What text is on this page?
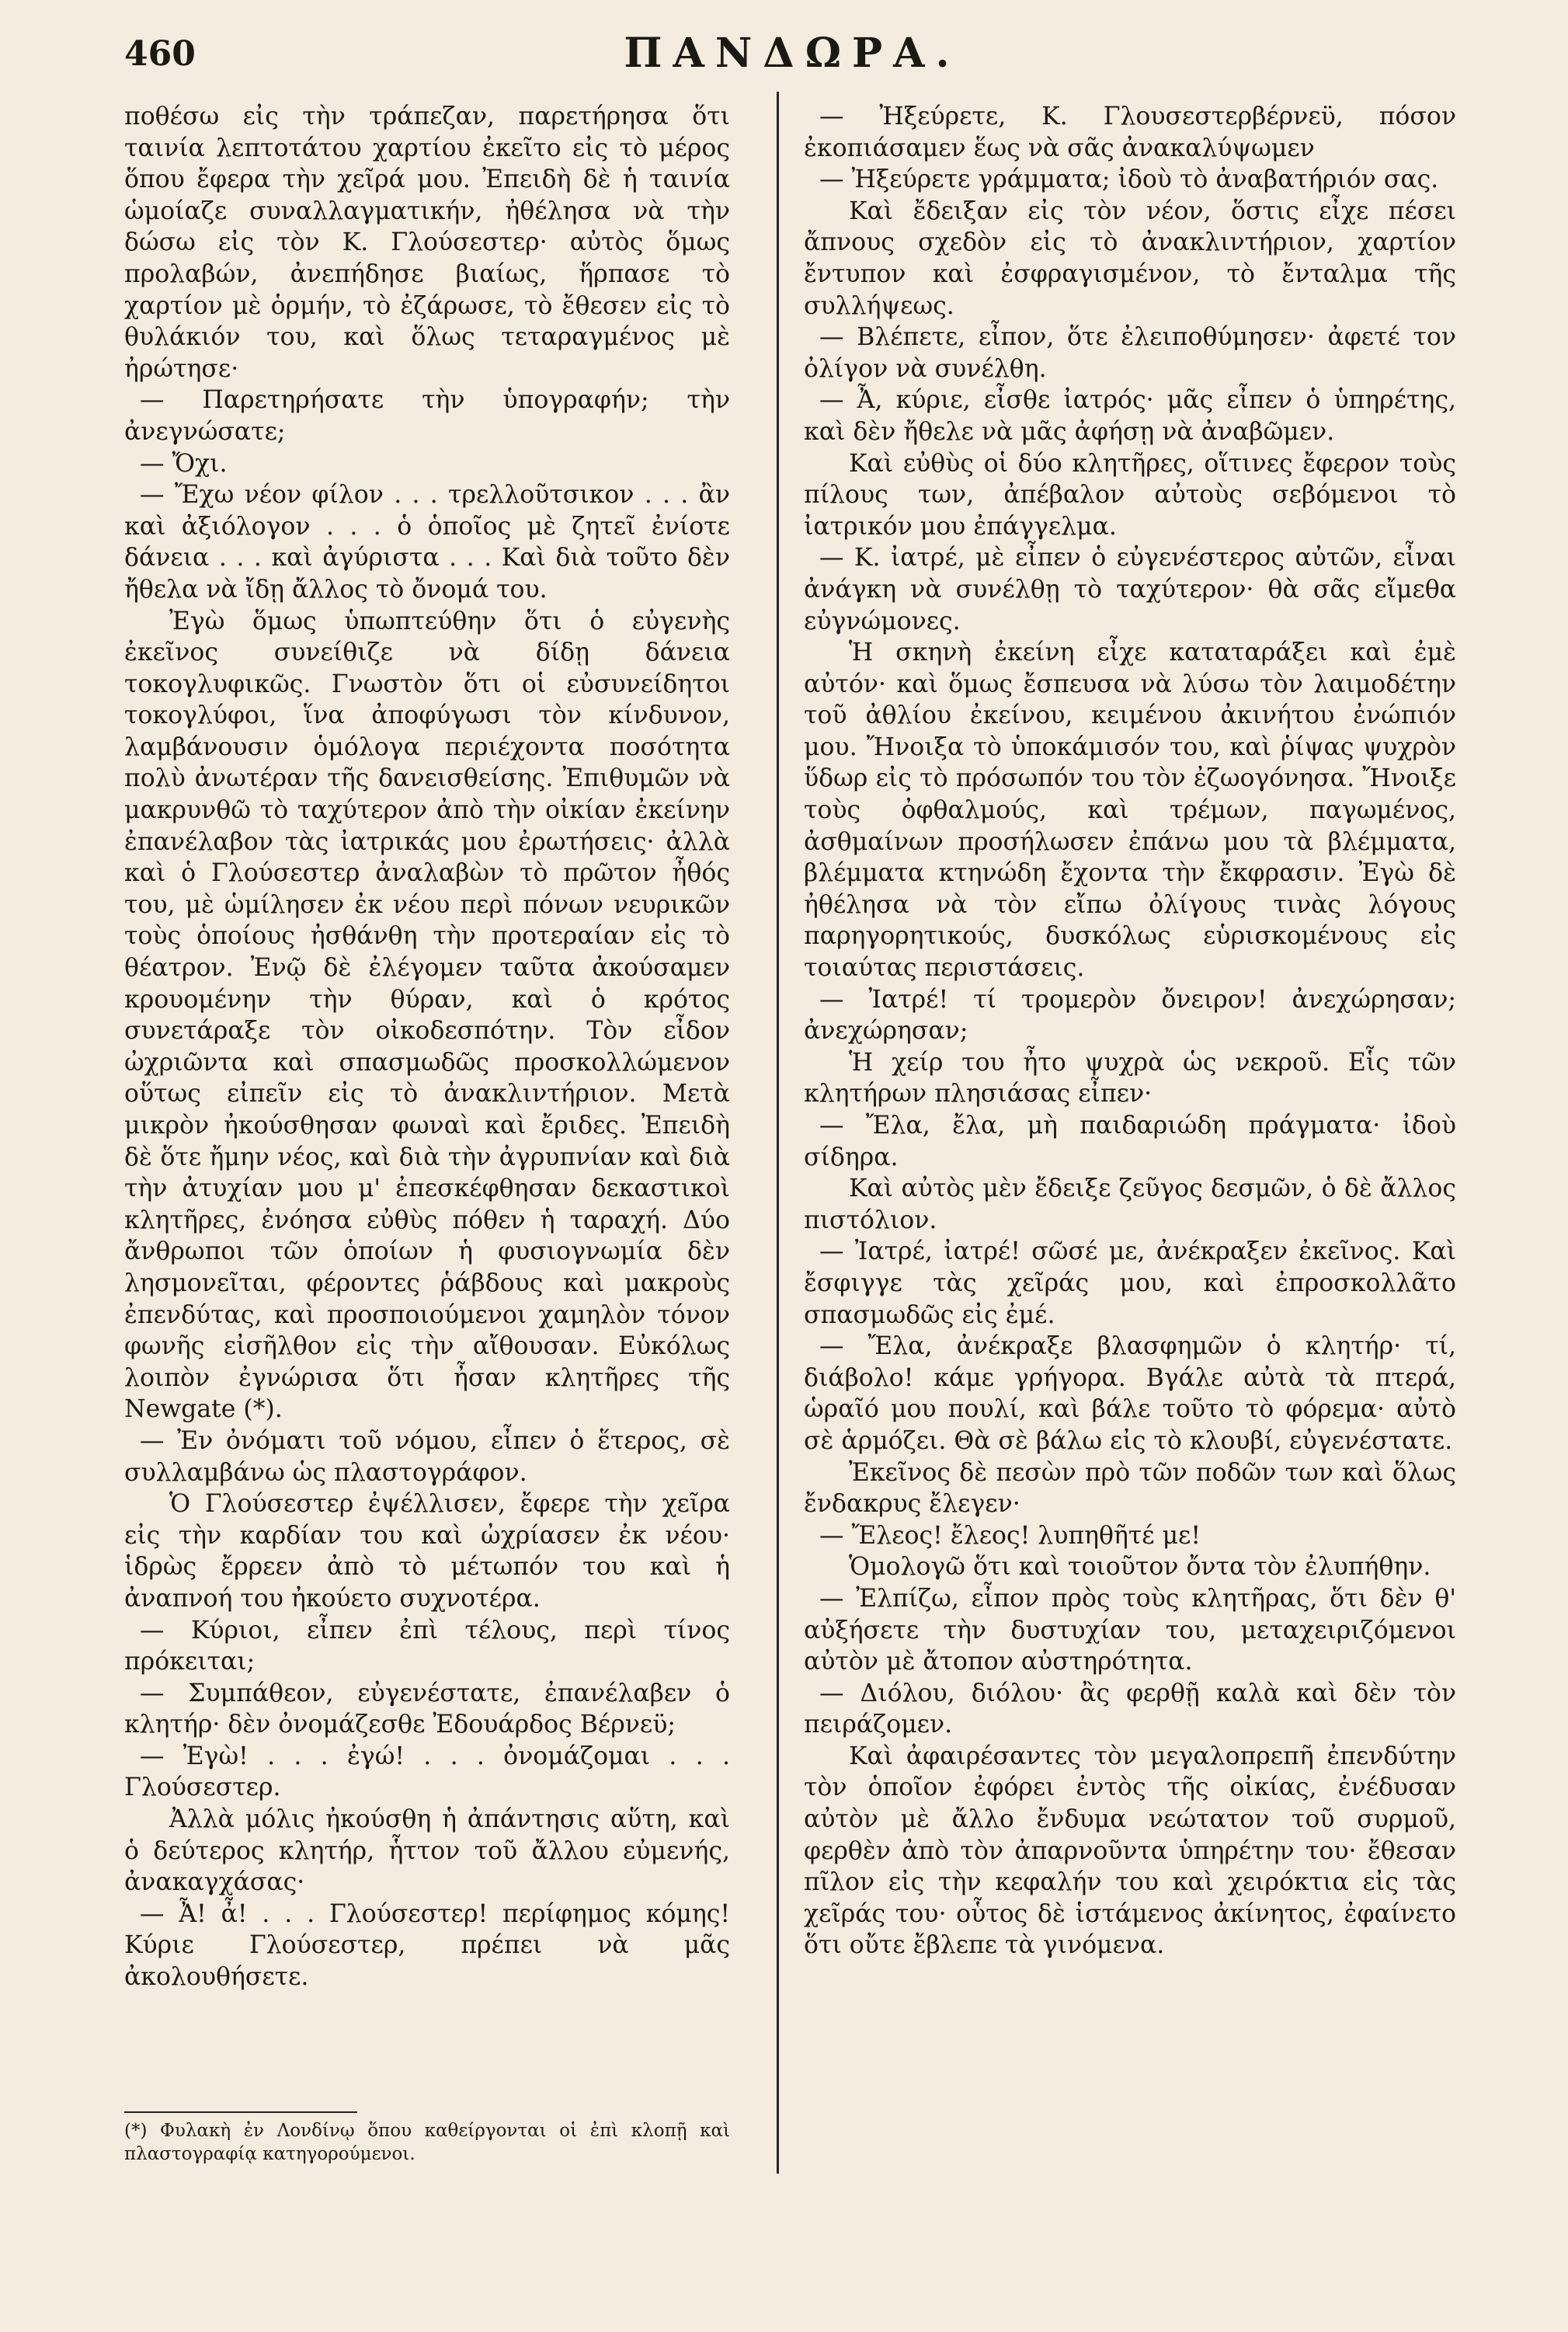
460	ΠΑΝΔΩΡΑ.

ποθέσω εἰς τὴν τράπεζαν, παρετήρησα ὅτι ταινία λεπτοτάτου χαρτίου ἐκεῖτο εἰς τὸ μέρος ὅπου ἔφερα τὴν χεῖρά μου. Ἐπειδὴ δὲ ἡ ταινία ὡμοίαζε συναλλαγματικήν, ἠθέλησα νὰ τὴν δώσω εἰς τὸν Κ. Γλούσεστερ· αὐτὸς ὅμως προλαβών, ἀνεπήδησε βιαίως, ἥρπασε τὸ χαρτίον μὲ ὁρμήν, τὸ ἐζάρωσε, τὸ ἔθεσεν εἰς τὸ θυλάκιόν του, καὶ ὅλως τεταραγμένος μὲ ἠρώτησε·

— Παρετηρήσατε τὴν ὑπογραφήν; τὴν ἀνεγνώσατε;

— Ὄχι.

— Ἔχω νέον φίλον . . . τρελλοῦτσικον . . . ἂν καὶ ἀξιόλογον . . . ὁ ὁποῖος μὲ ζητεῖ ἐνίοτε δάνεια . . . καὶ ἀγύριστα . . . Καὶ διὰ τοῦτο δὲν ἤθελα νὰ ἴδῃ ἄλλος τὸ ὄνομά του.

Ἐγὼ ὅμως ὑπωπτεύθην ὅτι ὁ εὐγενὴς ἐκεῖνος συνείθιζε νὰ δίδῃ δάνεια τοκογλυφικῶς. Γνωστὸν ὅτι οἱ εὐσυνείδητοι τοκογλύφοι, ἵνα ἀποφύγωσι τὸν κίνδυνον, λαμβάνουσιν ὁμόλογα περιέχοντα ποσότητα πολὺ ἀνωτέραν τῆς δανεισθείσης. Ἐπιθυμῶν νὰ μακρυνθῶ τὸ ταχύτερον ἀπὸ τὴν οἰκίαν ἐκείνην ἐπανέλαβον τὰς ἰατρικάς μου ἐρωτήσεις· ἀλλὰ καὶ ὁ Γλούσεστερ ἀναλαβὼν τὸ πρῶτον ἦθός του, μὲ ὡμίλησεν ἐκ νέου περὶ πόνων νευρικῶν τοὺς ὁποίους ἠσθάνθη τὴν προτεραίαν εἰς τὸ θέατρον. Ἐνῷ δὲ ἐλέγομεν ταῦτα ἀκούσαμεν κρουομένην τὴν θύραν, καὶ ὁ κρότος συνετάραξε τὸν οἰκοδεσπότην. Τὸν εἶδον ὠχριῶντα καὶ σπασμωδῶς προσκολλώμενον οὕτως εἰπεῖν εἰς τὸ ἀνακλιντήριον. Μετὰ μικρὸν ἠκούσθησαν φωναὶ καὶ ἔριδες. Ἐπειδὴ δὲ ὅτε ἤμην νέος, καὶ διὰ τὴν ἀγρυπνίαν καὶ διὰ τὴν ἀτυχίαν μου μ' ἐπεσκέφθησαν δεκαστικοὶ κλητῆρες, ἐνόησα εὐθὺς πόθεν ἡ ταραχή. Δύο ἄνθρωποι τῶν ὁποίων ἡ φυσιογνωμία δὲν λησμονεῖται, φέροντες ῥάβδους καὶ μακροὺς ἐπενδύτας, καὶ προσποιούμενοι χαμηλὸν τόνον φωνῆς εἰσῆλθον εἰς τὴν αἴθουσαν. Εὐκόλως λοιπὸν ἐγνώρισα ὅτι ἦσαν κλητῆρες τῆς Newgate (*).

— Ἐν ὀνόματι τοῦ νόμου, εἶπεν ὁ ἕτερος, σὲ συλλαμβάνω ὡς πλαστογράφον.

Ὁ Γλούσεστερ ἐψέλλισεν, ἔφερε τὴν χεῖρα εἰς τὴν καρδίαν του καὶ ὠχρίασεν ἐκ νέου· ἱδρὼς ἔρρεεν ἀπὸ τὸ μέτωπόν του καὶ ἡ ἀναπνοή του ἠκούετο συχνοτέρα.

— Κύριοι, εἶπεν ἐπὶ τέλους, περὶ τίνος πρόκειται;

— Συμπάθεον, εὐγενέστατε, ἐπανέλαβεν ὁ κλητήρ· δὲν ὀνομάζεσθε Ἐδουάρδος Βέρνεϋ;

— Ἐγὼ! . . . ἐγώ! . . . ὀνομάζομαι . . . Γλούσεστερ.

Ἀλλὰ μόλις ἠκούσθη ἡ ἀπάντησις αὕτη, καὶ ὁ δεύτερος κλητήρ, ἧττον τοῦ ἄλλου εὐμενής, ἀνακαγχάσας·

— Ἆ! ἆ! . . . Γλούσεστερ! περίφημος κόμης! Κύριε Γλούσεστερ, πρέπει νὰ μᾶς ἀκολουθήσετε.

— Ἠξεύρετε, Κ. Γλουσεστερβέρνεϋ, πόσον ἐκοπιάσαμεν ἕως νὰ σᾶς ἀνακαλύψωμεν

— Ἠξεύρετε γράμματα; ἰδοὺ τὸ ἀναβατήριόν σας.

Καὶ ἔδειξαν εἰς τὸν νέον, ὅστις εἶχε πέσει ἄπνους σχεδὸν εἰς τὸ ἀνακλιντήριον, χαρτίον ἔντυπον καὶ ἐσφραγισμένον, τὸ ἔνταλμα τῆς συλλήψεως.

— Βλέπετε, εἶπον, ὅτε ἐλειποθύμησεν· ἀφετέ τον ὀλίγον νὰ συνέλθη.

— Ἆ, κύριε, εἶσθε ἰατρός· μᾶς εἶπεν ὁ ὑπηρέτης, καὶ δὲν ἤθελε νὰ μᾶς ἀφήσῃ νὰ ἀναβῶμεν.

Καὶ εὐθὺς οἱ δύο κλητῆρες, οἵτινες ἔφερον τοὺς πίλους των, ἀπέβαλον αὐτοὺς σεβόμενοι τὸ ἰατρικόν μου ἐπάγγελμα.

— Κ. ἰατρέ, μὲ εἶπεν ὁ εὐγενέστερος αὐτῶν, εἶναι ἀνάγκη νὰ συνέλθῃ τὸ ταχύτερον· θὰ σᾶς εἴμεθα εὐγνώμονες.

Ἡ σκηνὴ ἐκείνη εἶχε καταταράξει καὶ ἐμὲ αὐτόν· καὶ ὅμως ἔσπευσα νὰ λύσω τὸν λαιμοδέτην τοῦ ἀθλίου ἐκείνου, κειμένου ἀκινήτου ἐνώπιόν μου. Ἤνοιξα τὸ ὑποκάμισόν του, καὶ ῥίψας ψυχρὸν ὕδωρ εἰς τὸ πρόσωπόν του τὸν ἐζωογόνησα. Ἤνοιξε τοὺς ὀφθαλμούς, καὶ τρέμων, παγωμένος, ἀσθμαίνων προσήλωσεν ἐπάνω μου τὰ βλέμματα, βλέμματα κτηνώδη ἔχοντα τὴν ἔκφρασιν. Ἐγὼ δὲ ἠθέλησα νὰ τὸν εἴπω ὀλίγους τινὰς λόγους παρηγορητικούς, δυσκόλως εὑρισκομένους εἰς τοιαύτας περιστάσεις.

— Ἰατρέ! τί τρομερὸν ὄνειρον! ἀνεχώρησαν; ἀνεχώρησαν;

Ἡ χείρ του ἦτο ψυχρὰ ὡς νεκροῦ. Εἷς τῶν κλητήρων πλησιάσας εἶπεν·

— Ἔλα, ἔλα, μὴ παιδαριώδη πράγματα· ἰδοὺ σίδηρα.

Καὶ αὐτὸς μὲν ἔδειξε ζεῦγος δεσμῶν, ὁ δὲ ἄλλος πιστόλιον.

— Ἰατρέ, ἰατρέ! σῶσέ με, ἀνέκραξεν ἐκεῖνος. Καὶ ἔσφιγγε τὰς χεῖράς μου, καὶ ἐπροσκολλᾶτο σπασμωδῶς εἰς ἐμέ.

— Ἔλα, ἀνέκραξε βλασφημῶν ὁ κλητήρ· τί, διάβολο! κάμε γρήγορα. Βγάλε αὐτὰ τὰ πτερά, ὡραῖό μου πουλί, καὶ βάλε τοῦτο τὸ φόρεμα· αὐτὸ σὲ ἁρμόζει. Θὰ σὲ βάλω εἰς τὸ κλουβί, εὐγενέστατε.

Ἐκεῖνος δὲ πεσὼν πρὸ τῶν ποδῶν των καὶ ὅλως ἔνδακρυς ἔλεγεν·

— Ἔλεος! ἔλεος! λυπηθῆτέ με!

Ὁμολογῶ ὅτι καὶ τοιοῦτον ὄντα τὸν ἐλυπήθην.

— Ἐλπίζω, εἶπον πρὸς τοὺς κλητῆρας, ὅτι δὲν θ' αὐξήσετε τὴν δυστυχίαν του, μεταχειριζόμενοι αὐτὸν μὲ ἄτοπον αὐστηρότητα.

— Διόλου, διόλου· ἂς φερθῇ καλὰ καὶ δὲν τὸν πειράζομεν.

Καὶ ἀφαιρέσαντες τὸν μεγαλοπρεπῆ ἐπενδύτην τὸν ὁποῖον ἐφόρει ἐντὸς τῆς οἰκίας, ἐνέδυσαν αὐτὸν μὲ ἄλλο ἔνδυμα νεώτατον τοῦ συρμοῦ, φερθὲν ἀπὸ τὸν ἀπαρνοῦντα ὑπηρέτην του· ἔθεσαν πῖλον εἰς τὴν κεφαλήν του καὶ χειρόκτια εἰς τὰς χεῖράς του· οὗτος δὲ ἱστάμενος ἀκίνητος, ἐφαίνετο ὅτι οὔτε ἔβλεπε τὰ γινόμενα.

(*) Φυλακὴ ἐν Λονδίνῳ ὅπου καθείργονται οἱ ἐπὶ κλοπῇ καὶ πλαστογραφίᾳ κατηγορούμενοι.
